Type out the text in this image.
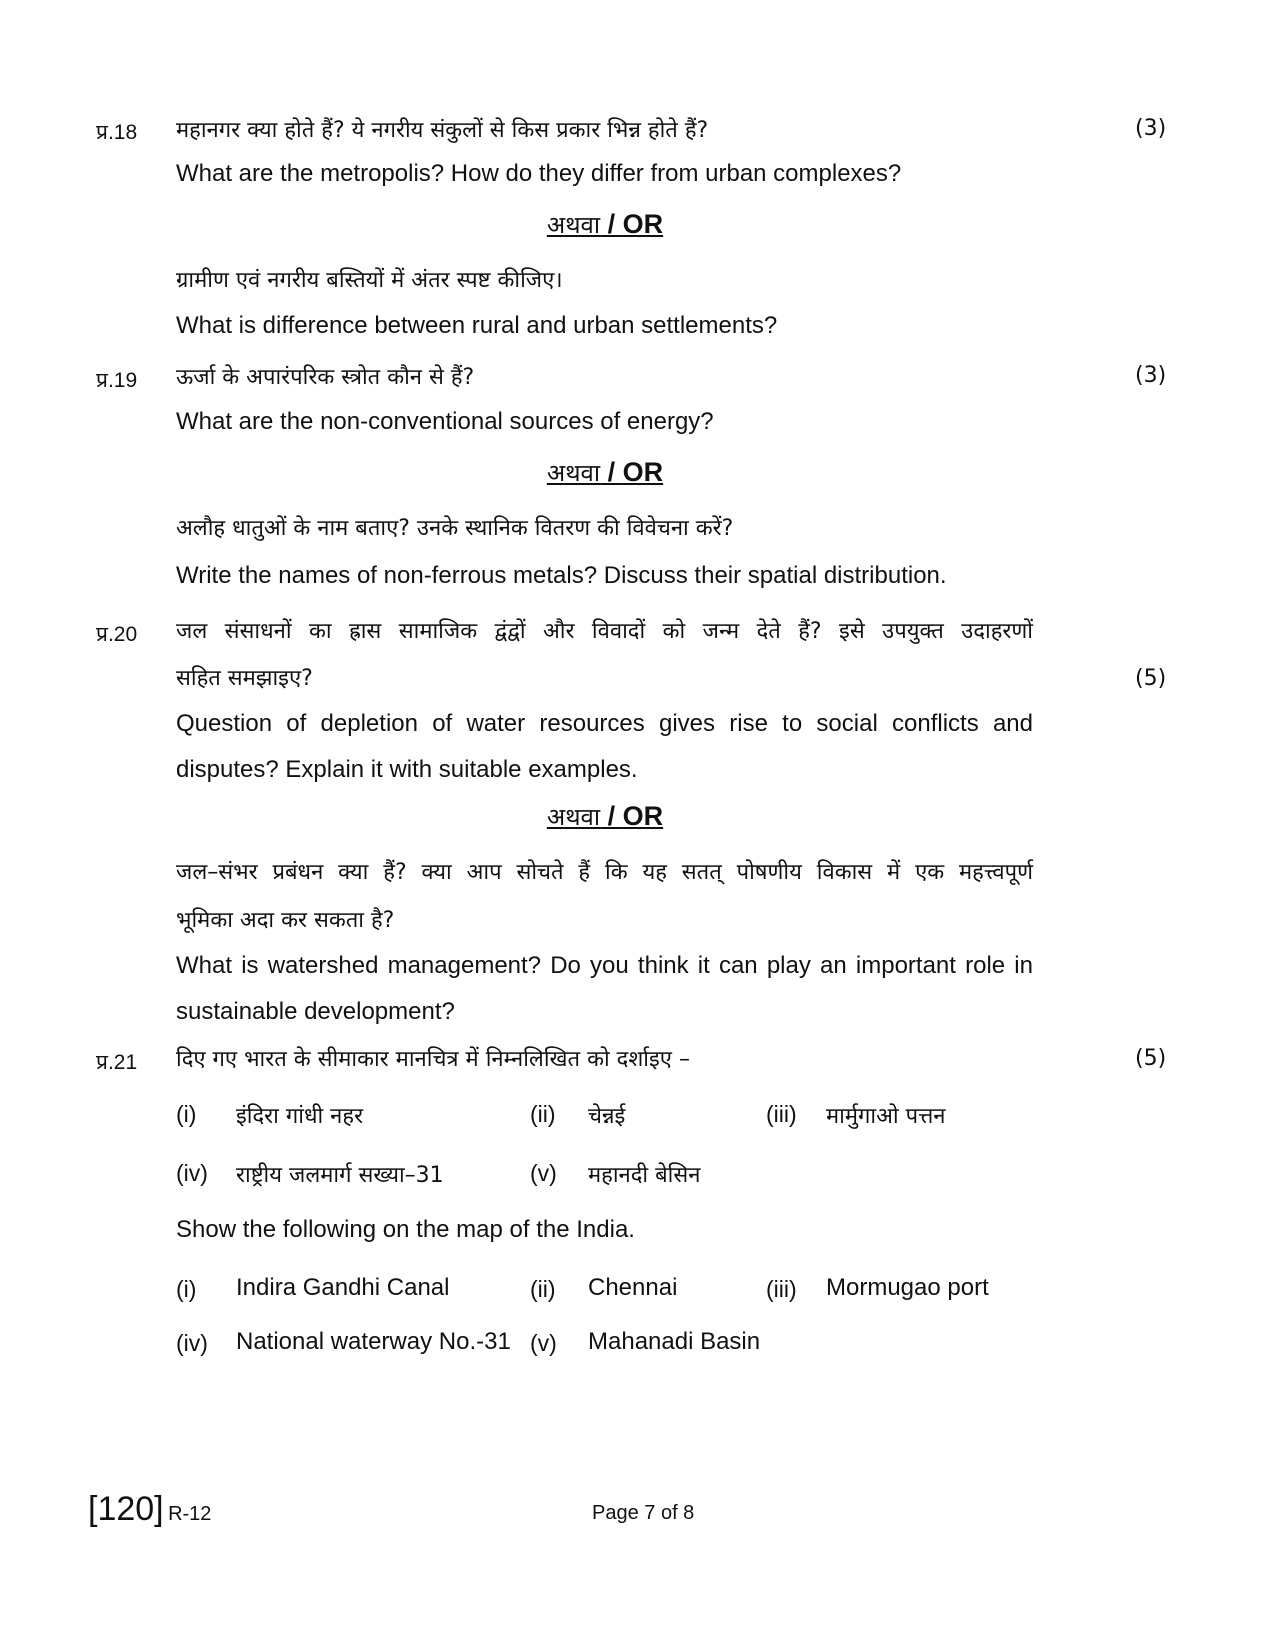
प्र.18 महानगर क्या होते हैं? ये नगरीय संकुलों से किस प्रकार भिन्न होते हैं?	(3)
What are the metropolis? How do they differ from urban complexes?
अथवा / OR
ग्रामीण एवं नगरीय बस्तियों में अंतर स्पष्ट कीजिए।
What is difference between rural and urban settlements?
प्र.19 ऊर्जा के अपारंपरिक स्त्रोत कौन से हैं?	(3)
What are the non-conventional sources of energy?
अथवा / OR
अलौह धातुओं के नाम बताए? उनके स्थानिक वितरण की विवेचना करें?
Write the names of non-ferrous metals? Discuss their spatial distribution.
प्र.20 जल संसाधनों का ह्रास सामाजिक द्वंद्वों और विवादों को जन्म देते हैं? इसे उपयुक्त उदाहरणों
सहित समझाइए?	(5)
Question of depletion of water resources gives rise to social conflicts and
disputes? Explain it with suitable examples.
अथवा / OR
जल–संभर प्रबंधन क्या हैं? क्या आप सोचते हैं कि यह सतत् पोषणीय विकास में एक महत्त्वपूर्ण
भूमिका अदा कर सकता है?
What is watershed management? Do you think it can play an important role in
sustainable development?
प्र.21 दिए गए भारत के सीमाकार मानचित्र में निम्नलिखित को दर्शाइए –	(5)
(i) इंदिरा गांधी नहर	(ii) चेन्नई	(iii) मार्मुगाओ पत्तन
(iv) राष्ट्रीय जलमार्ग सख्या–31	(v) महानदी बेसिन
Show the following on the map of the India.
(i) Indira Gandhi Canal	(ii) Chennai	(iii) Mormugao port
(iv) National waterway No.-31 (v) Mahanadi Basin
[120] R-12	Page 7 of 8
